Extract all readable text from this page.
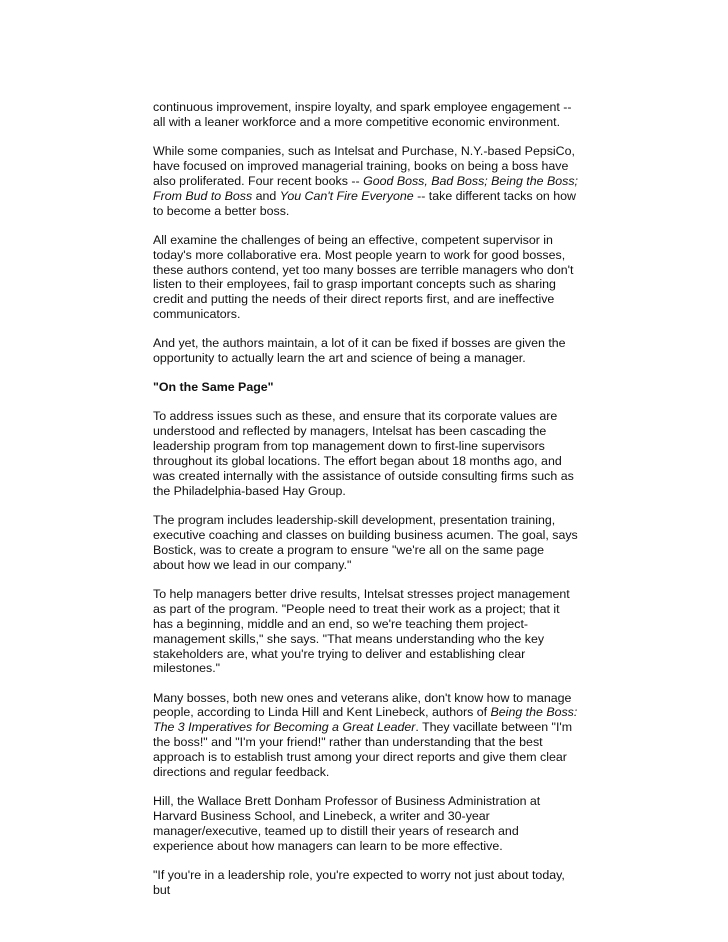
continuous improvement, inspire loyalty, and spark employee engagement -- all with a leaner workforce and a more competitive economic environment.

While some companies, such as Intelsat and Purchase, N.Y.-based PepsiCo, have focused on improved managerial training, books on being a boss have also proliferated. Four recent books -- Good Boss, Bad Boss; Being the Boss; From Bud to Boss and You Can't Fire Everyone -- take different tacks on how to become a better boss.

All examine the challenges of being an effective, competent supervisor in today's more collaborative era. Most people yearn to work for good bosses, these authors contend, yet too many bosses are terrible managers who don't listen to their employees, fail to grasp important concepts such as sharing credit and putting the needs of their direct reports first, and are ineffective communicators.

And yet, the authors maintain, a lot of it can be fixed if bosses are given the opportunity to actually learn the art and science of being a manager.

"On the Same Page"

To address issues such as these, and ensure that its corporate values are understood and reflected by managers, Intelsat has been cascading the leadership program from top management down to first-line supervisors throughout its global locations. The effort began about 18 months ago, and was created internally with the assistance of outside consulting firms such as the Philadelphia-based Hay Group.

The program includes leadership-skill development, presentation training, executive coaching and classes on building business acumen. The goal, says Bostick, was to create a program to ensure "we're all on the same page about how we lead in our company."

To help managers better drive results, Intelsat stresses project management as part of the program. "People need to treat their work as a project; that it has a beginning, middle and an end, so we're teaching them project-management skills," she says. "That means understanding who the key stakeholders are, what you're trying to deliver and establishing clear milestones."

Many bosses, both new ones and veterans alike, don't know how to manage people, according to Linda Hill and Kent Linebeck, authors of Being the Boss: The 3 Imperatives for Becoming a Great Leader. They vacillate between "I'm the boss!" and "I'm your friend!" rather than understanding that the best approach is to establish trust among your direct reports and give them clear directions and regular feedback.

Hill, the Wallace Brett Donham Professor of Business Administration at Harvard Business School, and Linebeck, a writer and 30-year manager/executive, teamed up to distill their years of research and experience about how managers can learn to be more effective.

"If you're in a leadership role, you're expected to worry not just about today, but
